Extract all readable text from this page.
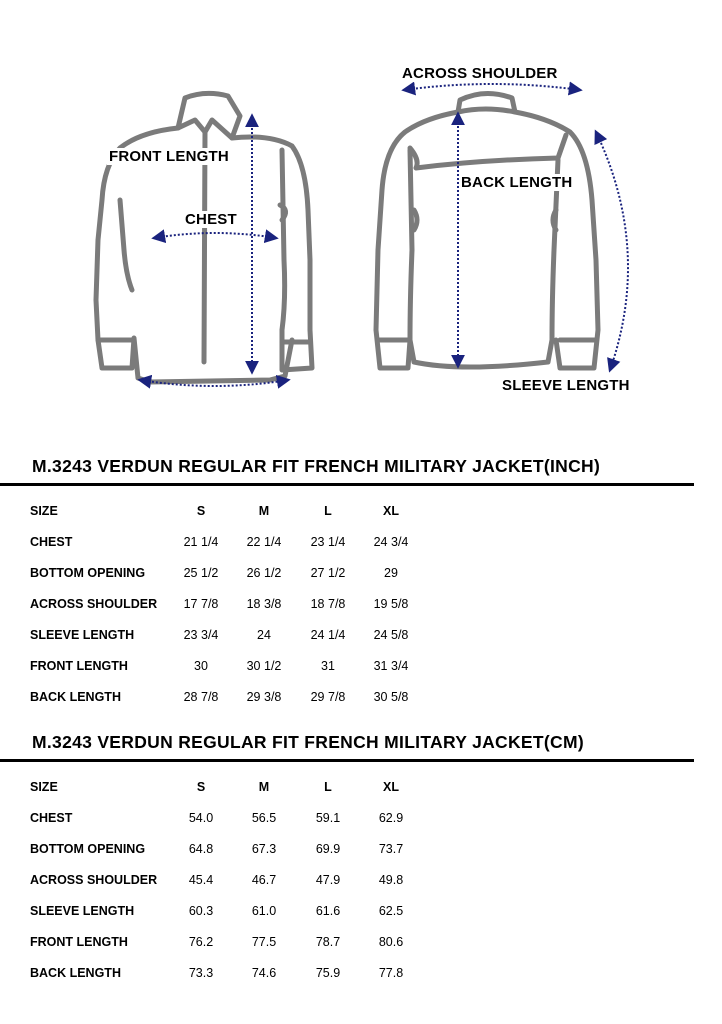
ACROSS SHOULDER
FRONT LENGTH
CHEST
BACK LENGTH
SLEEVE LENGTH
M.3243 VERDUN REGULAR FIT FRENCH MILITARY JACKET(INCH)
SIZE	S	M	L	XL
CHEST	21 1/4	22 1/4	23 1/4	24 3/4
BOTTOM OPENING	25 1/2	26 1/2	27 1/2	29
ACROSS SHOULDER	17 7/8	18 3/8	18 7/8	19 5/8
SLEEVE LENGTH	23 3/4	24	24 1/4	24 5/8
FRONT LENGTH	30	30 1/2	31	31 3/4
BACK LENGTH	28 7/8	29 3/8	29 7/8	30 5/8
M.3243 VERDUN REGULAR FIT FRENCH MILITARY JACKET(CM)
SIZE	S	M	L	XL
CHEST	54.0	56.5	59.1	62.9
BOTTOM OPENING	64.8	67.3	69.9	73.7
ACROSS SHOULDER	45.4	46.7	47.9	49.8
SLEEVE LENGTH	60.3	61.0	61.6	62.5
FRONT LENGTH	76.2	77.5	78.7	80.6
BACK LENGTH	73.3	74.6	75.9	77.8
